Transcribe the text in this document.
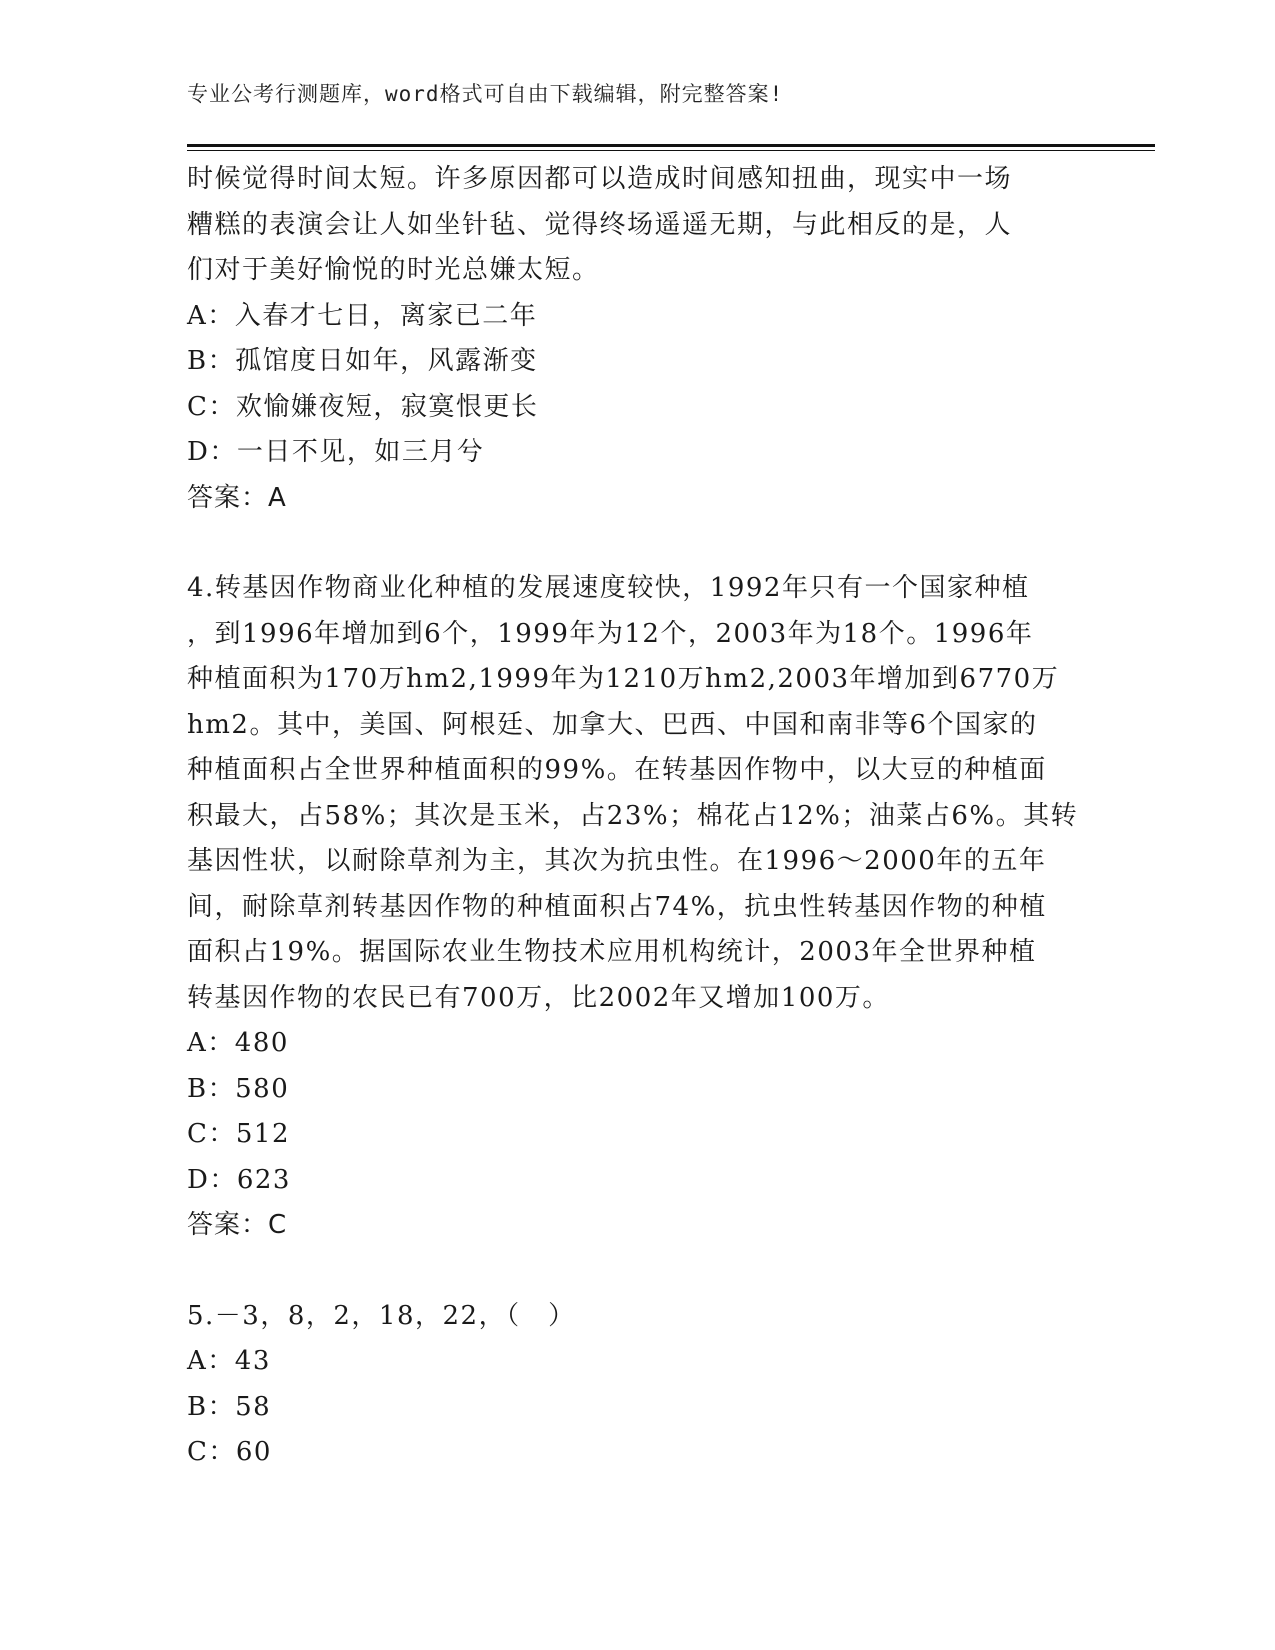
专业公考行测题库，word格式可自由下载编辑，附完整答案!

时候觉得时间太短。许多原因都可以造成时间感知扭曲，现实中一场

糟糕的表演会让人如坐针毡、觉得终场遥遥无期，与此相反的是，人

们对于美好愉悦的时光总嫌太短。

A：入春才七日，离家已二年

B：孤馆度日如年，风露渐变

C：欢愉嫌夜短，寂寞恨更长

D：一日不见，如三月兮

答案：A

4.转基因作物商业化种植的发展速度较快，1992年只有一个国家种植

，到1996年增加到6个，1999年为12个，2003年为18个。1996年

种植面积为170万hm2,1999年为1210万hm2,2003年增加到6770万

hm2。其中，美国、阿根廷、加拿大、巴西、中国和南非等6个国家的

种植面积占全世界种植面积的99%。在转基因作物中，以大豆的种植面

积最大，占58%；其次是玉米，占23%；棉花占12%；油菜占6%。其转

基因性状，以耐除草剂为主，其次为抗虫性。在1996～2000年的五年

间，耐除草剂转基因作物的种植面积占74%，抗虫性转基因作物的种植

面积占19%。据国际农业生物技术应用机构统计，2003年全世界种植

转基因作物的农民已有700万，比2002年又增加100万。

A：480

B：580

C：512

D：623

答案：C

5.－3，8，2，18，22，（　）

A：43

B：58

C：60
